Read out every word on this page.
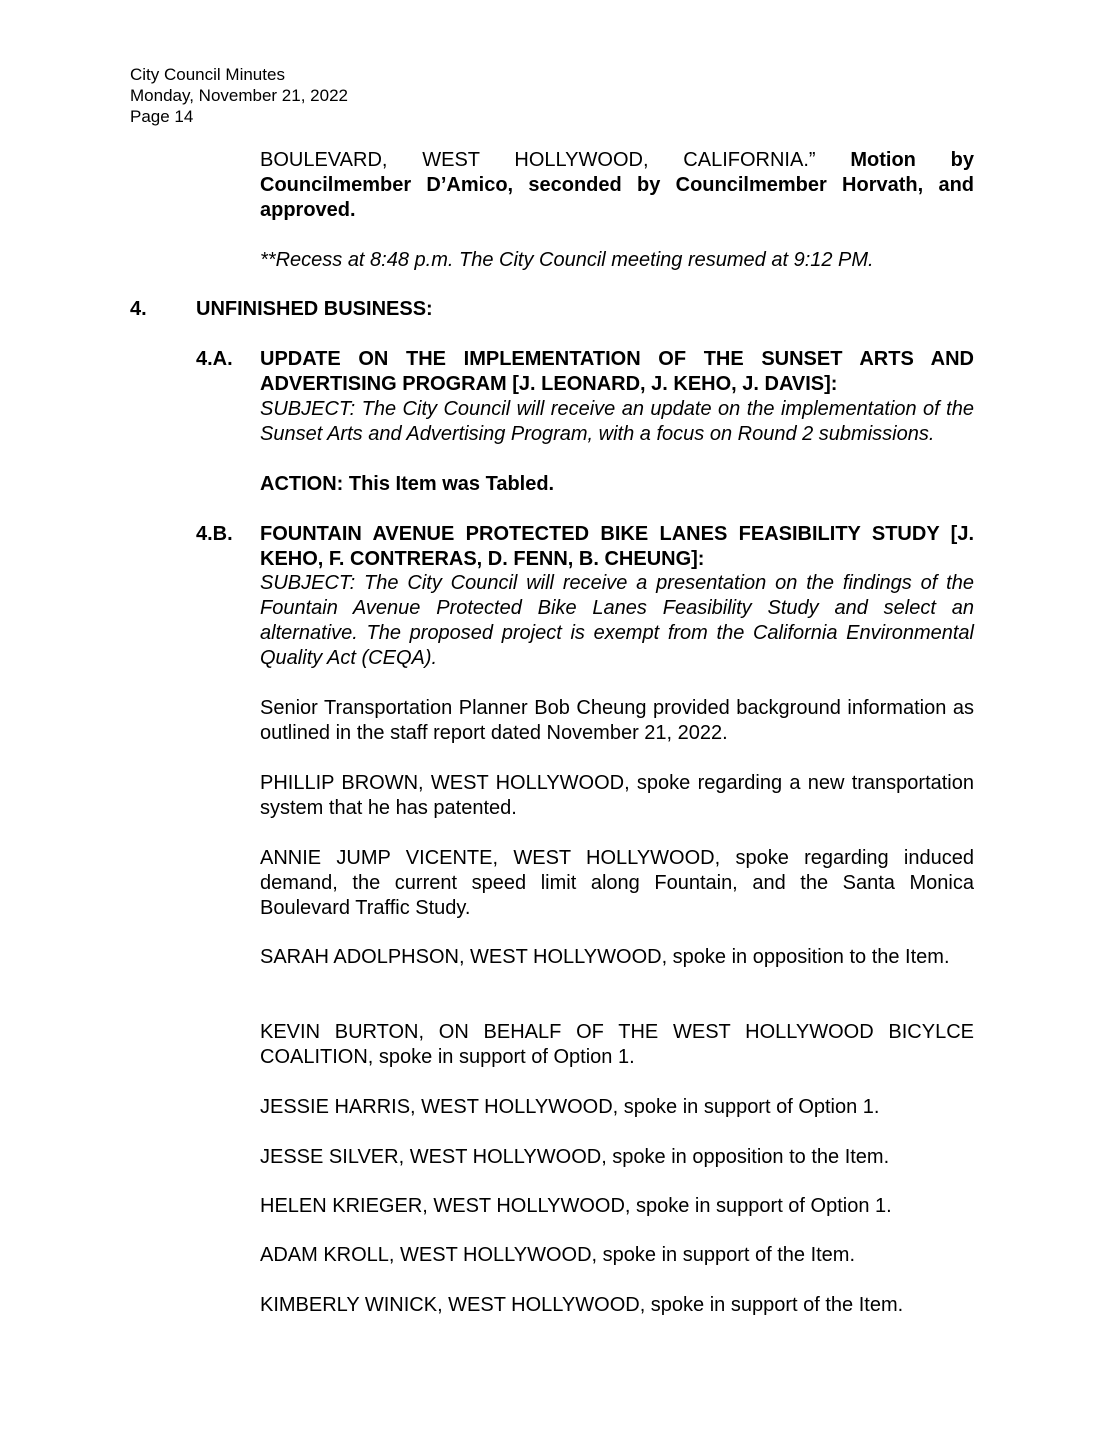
City Council Minutes
Monday, November 21, 2022
Page 14

BOULEVARD, WEST HOLLYWOOD, CALIFORNIA.” Motion by Councilmember D’Amico, seconded by Councilmember Horvath, and approved.

**Recess at 8:48 p.m. The City Council meeting resumed at 9:12 PM.

4. UNFINISHED BUSINESS:
4.A. UPDATE ON THE IMPLEMENTATION OF THE SUNSET ARTS AND ADVERTISING PROGRAM [J. LEONARD, J. KEHO, J. DAVIS]:

SUBJECT: The City Council will receive an update on the implementation of the Sunset Arts and Advertising Program, with a focus on Round 2 submissions.

ACTION: This Item was Tabled.

4.B. FOUNTAIN AVENUE PROTECTED BIKE LANES FEASIBILITY STUDY [J. KEHO, F. CONTRERAS, D. FENN, B. CHEUNG]:

SUBJECT: The City Council will receive a presentation on the findings of the Fountain Avenue Protected Bike Lanes Feasibility Study and select an alternative. The proposed project is exempt from the California Environmental Quality Act (CEQA).

Senior Transportation Planner Bob Cheung provided background information as outlined in the staff report dated November 21, 2022.

PHILLIP BROWN, WEST HOLLYWOOD, spoke regarding a new transportation system that he has patented.

ANNIE JUMP VICENTE, WEST HOLLYWOOD, spoke regarding induced demand, the current speed limit along Fountain, and the Santa Monica Boulevard Traffic Study.

SARAH ADOLPHSON, WEST HOLLYWOOD, spoke in opposition to the Item.

KEVIN BURTON, ON BEHALF OF THE WEST HOLLYWOOD BICYLCE COALITION, spoke in support of Option 1.

JESSIE HARRIS, WEST HOLLYWOOD, spoke in support of Option 1.

JESSE SILVER, WEST HOLLYWOOD, spoke in opposition to the Item.

HELEN KRIEGER, WEST HOLLYWOOD, spoke in support of Option 1.

ADAM KROLL, WEST HOLLYWOOD, spoke in support of the Item.

KIMBERLY WINICK, WEST HOLLYWOOD, spoke in support of the Item.
